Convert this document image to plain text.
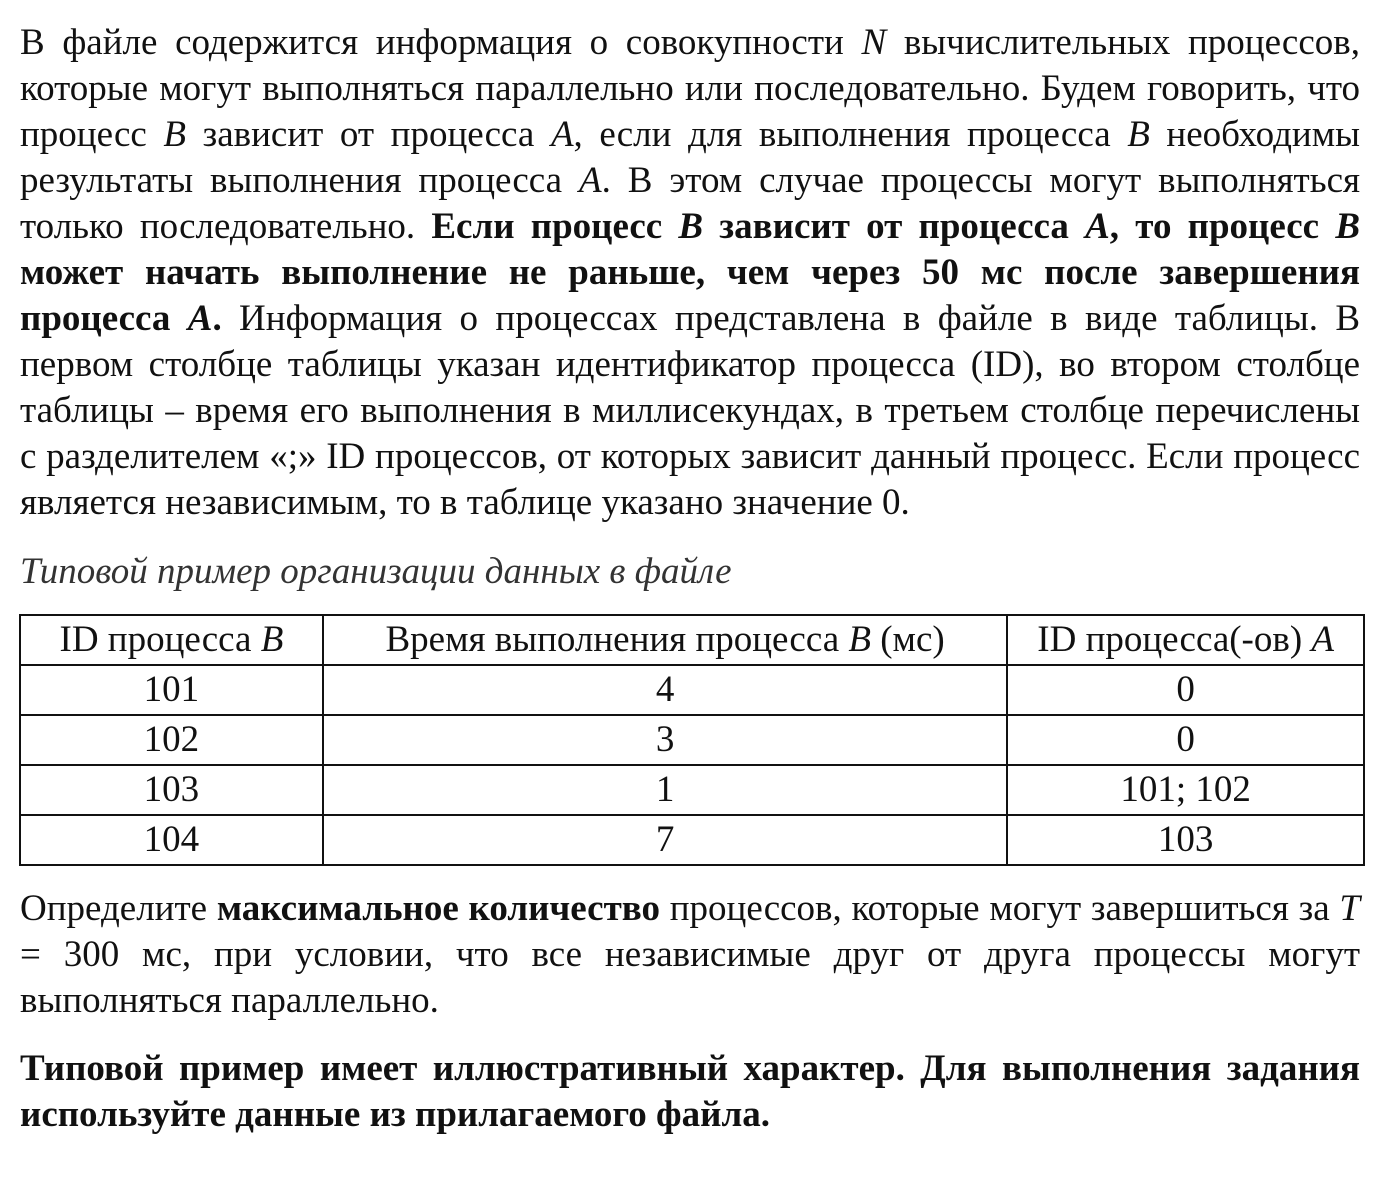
В файле содержится информация о совокупности N вычислительных процессов, которые могут выполняться параллельно или последовательно. Будем говорить, что процесс B зависит от процесса A, если для выполнения процесса B необходимы результаты выполнения процесса A. В этом случае процессы могут выполняться только последовательно. Если процесс B зависит от процесса A, то процесс B может начать выполнение не раньше, чем через 50 мс после завершения процесса A. Информация о процессах представлена в файле в виде таблицы. В первом столбце таблицы указан идентификатор процесса (ID), во втором столбце таблицы – время его выполнения в миллисекундах, в третьем столбце перечислены с разделителем «;» ID процессов, от которых зависит данный процесс. Если процесс является независимым, то в таблице указано значение 0.

Типовой пример организации данных в файле
ID процесса B	Время выполнения процесса B (мс)	ID процесса(-ов) A
101	4	0
102	3	0
103	1	101; 102
104	7	103

Определите максимальное количество процессов, которые могут завершиться за T = 300 мс, при условии, что все независимые друг от друга процессы могут выполняться параллельно.

Типовой пример имеет иллюстративный характер. Для выполнения задания используйте данные из прилагаемого файла.
